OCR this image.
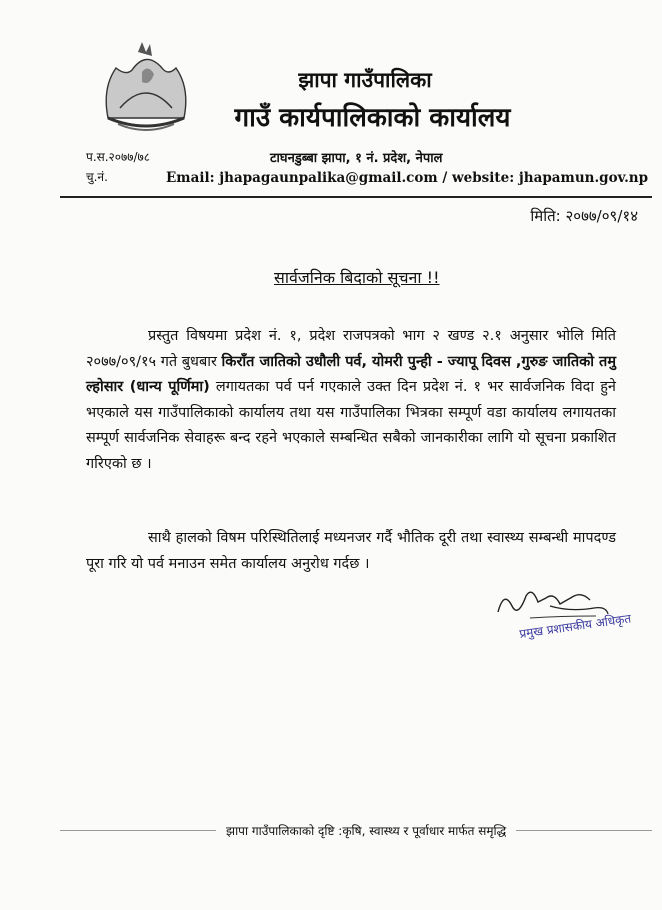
झापा गाउँपालिका
गाउँ कार्यपालिकाको कार्यालय
प.स.२०७७/७८
चु.नं.
टाघनडुब्बा झापा, १ नं. प्रदेश, नेपाल
Email: jhapagaunpalika@gmail.com / website: jhapamun.gov.np
मिति: २०७७/०९/१४
सार्वजनिक बिदाको सूचना !!
प्रस्तुत विषयमा प्रदेश नं. १, प्रदेश राजपत्रको भाग २ खण्ड २.१ अनुसार भोलि मिति २०७७/०९/१५ गते बुधबार किराँत जातिको उधौली पर्व, योमरी पुन्ही - ज्यापू दिवस ,गुरुङ जातिको तमु ल्होसार (धान्य पूर्णिमा) लगायतका पर्व पर्न गएकाले उक्त दिन प्रदेश नं. १ भर सार्वजनिक विदा हुने भएकाले यस गाउँपालिकाको कार्यालय तथा यस गाउँपालिका भित्रका सम्पूर्ण वडा कार्यालय लगायतका सम्पूर्ण सार्वजनिक सेवाहरू बन्द रहने भएकाले सम्बन्धित सबैको जानकारीका लागि यो सूचना प्रकाशित गरिएको छ ।
साथै हालको विषम परिस्थितिलाई मध्यनजर गर्दै भौतिक दूरी तथा स्वास्थ्य सम्बन्धी मापदण्ड पूरा गरि यो पर्व मनाउन समेत कार्यालय अनुरोध गर्दछ ।
प्रमुख प्रशासकीय अधिकृत
झापा गाउँपालिकाको दृष्टि :कृषि, स्वास्थ्य र पूर्वाधार मार्फत समृद्धि
